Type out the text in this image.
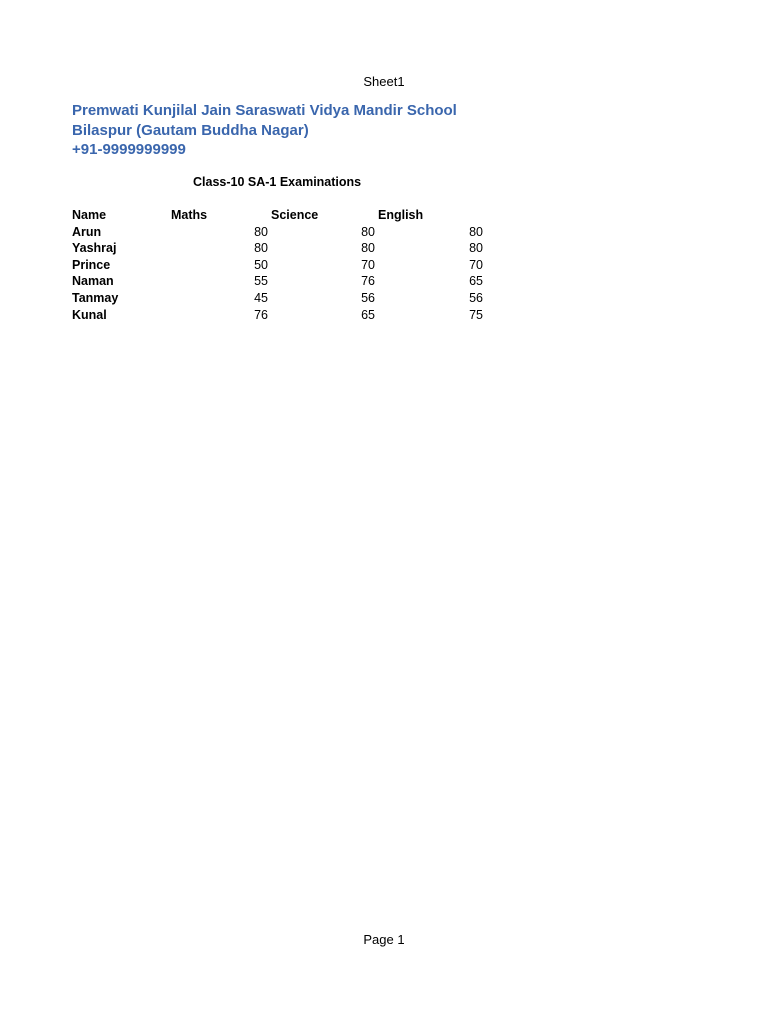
Sheet1
Premwati Kunjilal Jain Saraswati Vidya Mandir School
Bilaspur (Gautam Buddha Nagar)
+91-9999999999
Class-10 SA-1 Examinations
Name	Maths	Science	English
Arun	80	80	80
Yashraj	80	80	80
Prince	50	70	70
Naman	55	76	65
Tanmay	45	56	56
Kunal	76	65	75
Page 1
